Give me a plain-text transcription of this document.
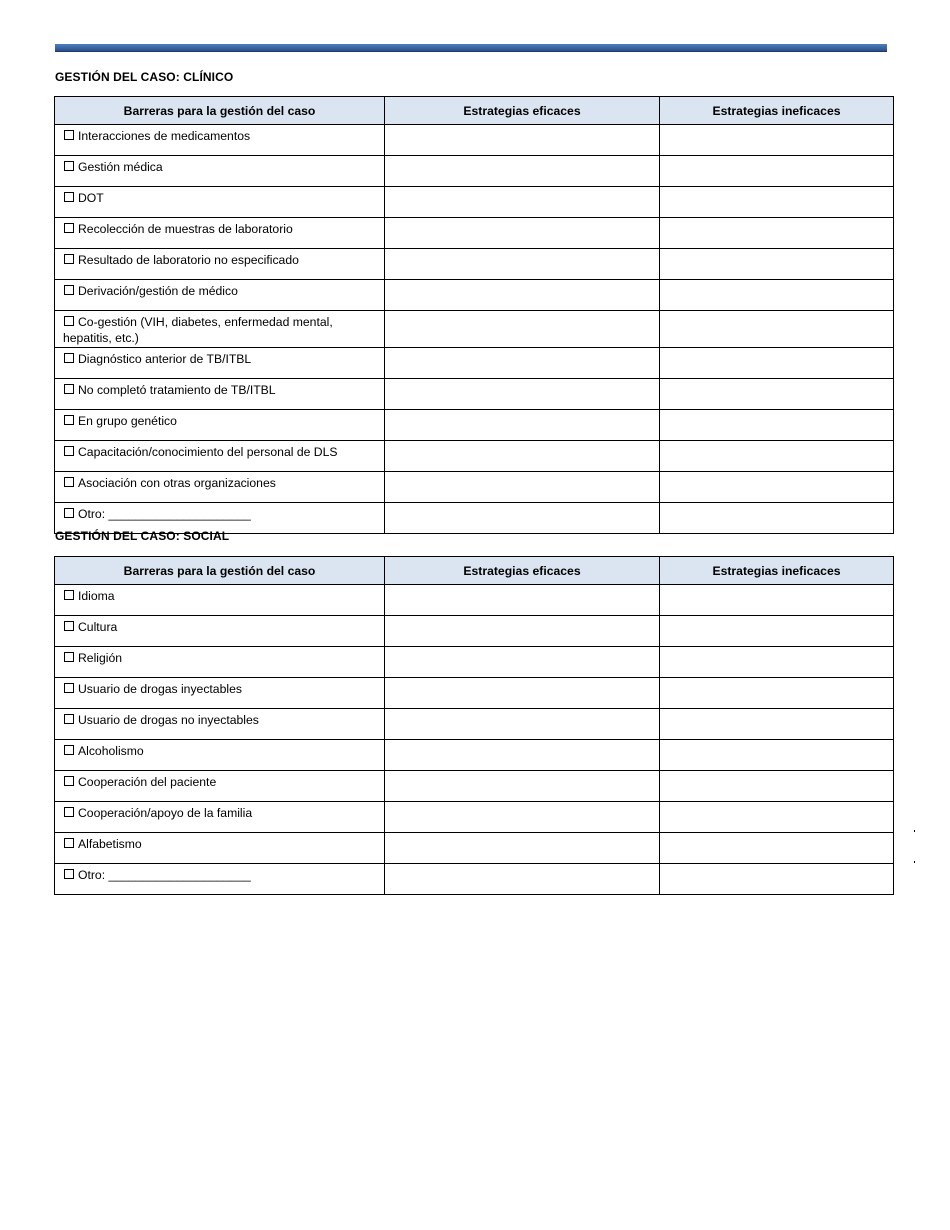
GESTIÓN DEL CASO: CLÍNICO
Barreras para la gestión del caso	Estrategias eficaces	Estrategias ineficaces
Interacciones de medicamentos		
Gestión médica		
DOT		
Recolección de muestras de laboratorio		
Resultado de laboratorio no especificado		
Derivación/gestión de médico		
Co-gestión (VIH, diabetes, enfermedad mental, hepatitis, etc.)		
Diagnóstico anterior de TB/ITBL		
No completó tratamiento de TB/ITBL		
En grupo genético		
Capacitación/conocimiento del personal de DLS		
Asociación con otras organizaciones		
Otro: _____________________		
GESTIÓN DEL CASO: SOCIAL
Barreras para la gestión del caso	Estrategias eficaces	Estrategias ineficaces
Idioma		
Cultura		
Religión		
Usuario de drogas inyectables		
Usuario de drogas no inyectables		
Alcoholismo		
Cooperación del paciente		
Cooperación/apoyo de la familia		
Alfabetismo		
Otro: _____________________		
